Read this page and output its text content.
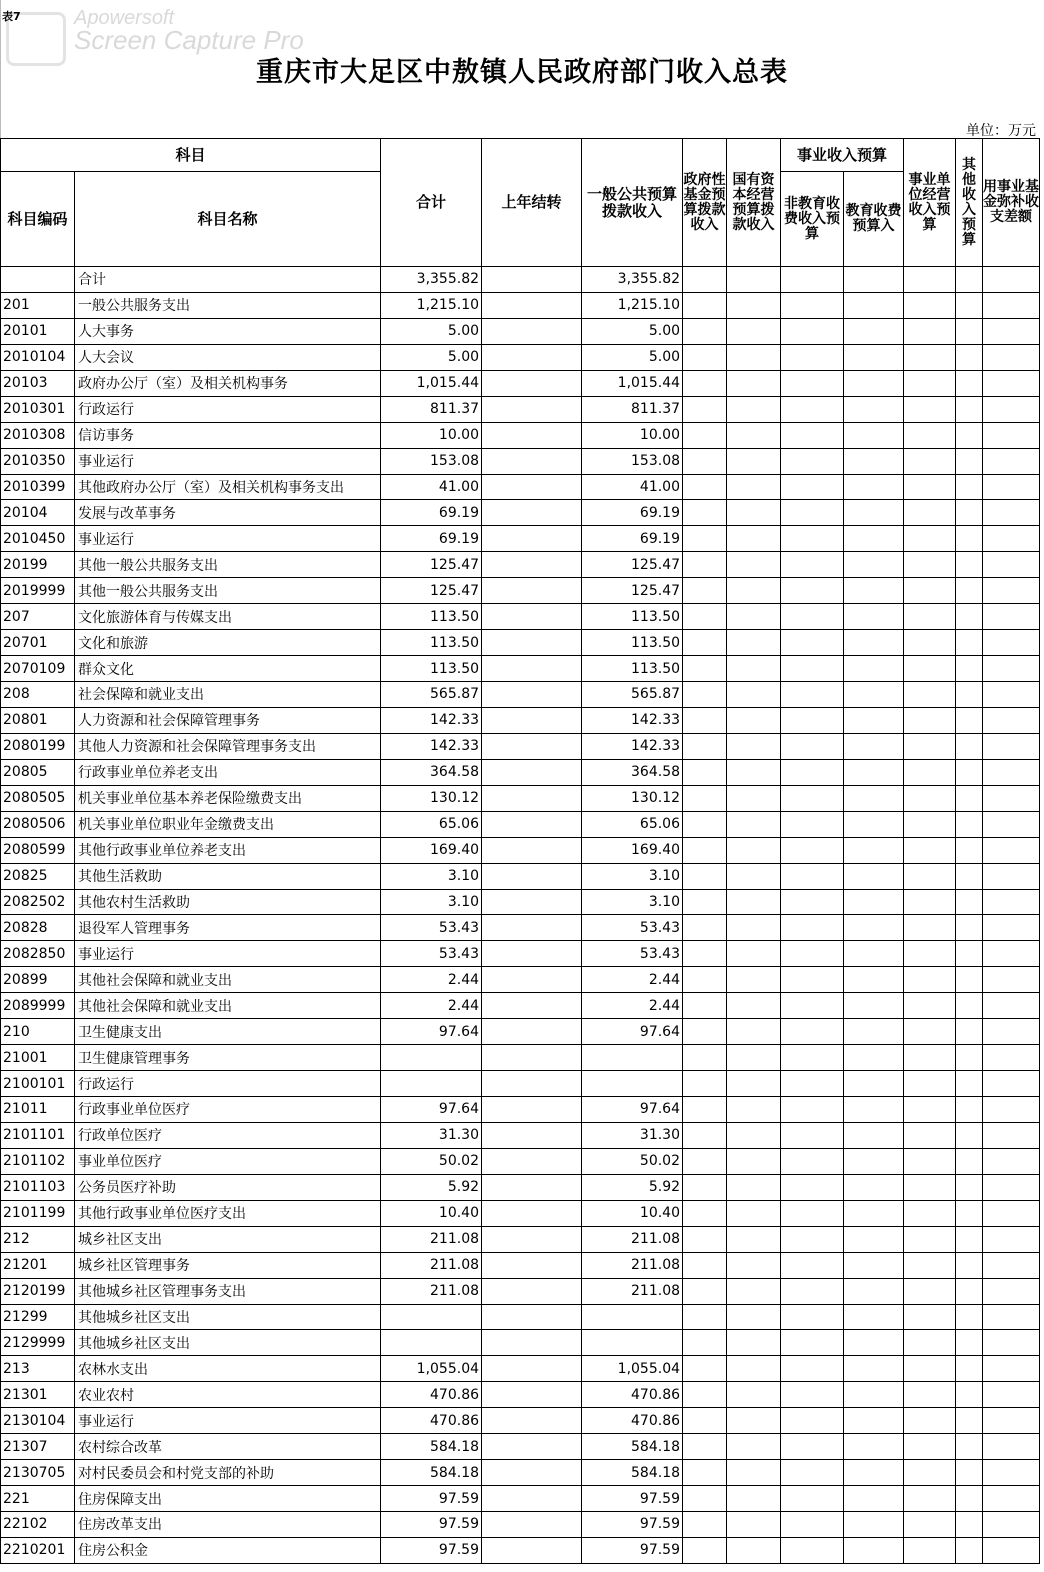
Apowersoft
Screen Capture Pro
表7
重庆市大足区中敖镇人民政府部门收入总表
单位：万元
科目		合计	上年结转	一般公共预算拨款收入	政府性基金预算拨款收入	国有资本经营预算拨款收入	事业收入预算		事业单位经营收入预算	其他收入预算	用事业基金弥补收支差额
科目编码	科目名称						非教育收费收入预算	教育收费预算入			
	合计	3,355.82		3,355.82							
201	一般公共服务支出	1,215.10		1,215.10							
20101	人大事务	5.00		5.00							
2010104	人大会议	5.00		5.00							
20103	政府办公厅（室）及相关机构事务	1,015.44		1,015.44							
2010301	行政运行	811.37		811.37							
2010308	信访事务	10.00		10.00							
2010350	事业运行	153.08		153.08							
2010399	其他政府办公厅（室）及相关机构事务支出	41.00		41.00							
20104	发展与改革事务	69.19		69.19							
2010450	事业运行	69.19		69.19							
20199	其他一般公共服务支出	125.47		125.47							
2019999	其他一般公共服务支出	125.47		125.47							
207	文化旅游体育与传媒支出	113.50		113.50							
20701	文化和旅游	113.50		113.50							
2070109	群众文化	113.50		113.50							
208	社会保障和就业支出	565.87		565.87							
20801	人力资源和社会保障管理事务	142.33		142.33							
2080199	其他人力资源和社会保障管理事务支出	142.33		142.33							
20805	行政事业单位养老支出	364.58		364.58							
2080505	机关事业单位基本养老保险缴费支出	130.12		130.12							
2080506	机关事业单位职业年金缴费支出	65.06		65.06							
2080599	其他行政事业单位养老支出	169.40		169.40							
20825	其他生活救助	3.10		3.10							
2082502	其他农村生活救助	3.10		3.10							
20828	退役军人管理事务	53.43		53.43							
2082850	事业运行	53.43		53.43							
20899	其他社会保障和就业支出	2.44		2.44							
2089999	其他社会保障和就业支出	2.44		2.44							
210	卫生健康支出	97.64		97.64							
21001	卫生健康管理事务										
2100101	行政运行										
21011	行政事业单位医疗	97.64		97.64							
2101101	行政单位医疗	31.30		31.30							
2101102	事业单位医疗	50.02		50.02							
2101103	公务员医疗补助	5.92		5.92							
2101199	其他行政事业单位医疗支出	10.40		10.40							
212	城乡社区支出	211.08		211.08							
21201	城乡社区管理事务	211.08		211.08							
2120199	其他城乡社区管理事务支出	211.08		211.08							
21299	其他城乡社区支出										
2129999	其他城乡社区支出										
213	农林水支出	1,055.04		1,055.04							
21301	农业农村	470.86		470.86							
2130104	事业运行	470.86		470.86							
21307	农村综合改革	584.18		584.18							
2130705	对村民委员会和村党支部的补助	584.18		584.18							
221	住房保障支出	97.59		97.59							
22102	住房改革支出	97.59		97.59							
2210201	住房公积金	97.59		97.59							
